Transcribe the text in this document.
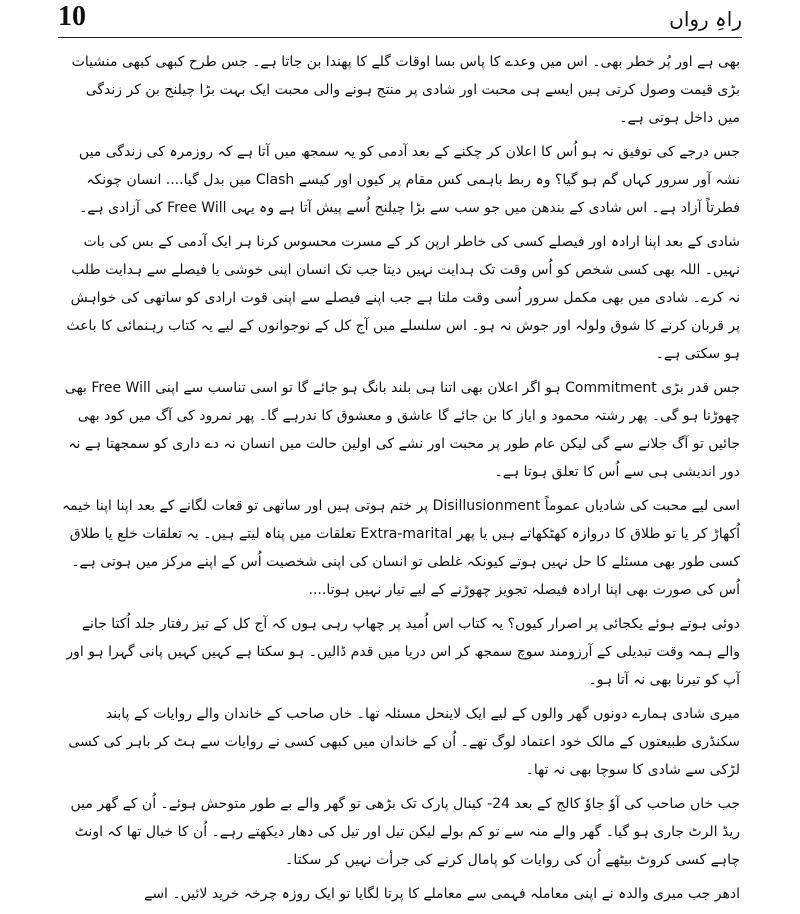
10	راہِ رواں

بھی ہے اور پُر خطر بھی۔ اس میں وعدے کا پاس بسا اوقات گلے کا پھندا بن جاتا ہے۔ جس طرح کبھی کبھی منشیات بڑی قیمت وصول کرتی ہیں ایسے ہی محبت اور شادی پر منتج ہونے والی محبت ایک بہت بڑا چیلنج بن کر زندگی میں داخل ہوتی ہے۔

جس درجے کی توفیق نہ ہو اُس کا اعلان کر چکنے کے بعد آدمی کو یہ سمجھ میں آتا ہے کہ روزمرہ کی زندگی میں نشہ آور سرور کہاں گم ہو گیا؟ وہ ربط باہمی کس مقام پر کیوں اور کیسے Clash میں بدل گیا.... انسان چونکہ فطرتاً آزاد ہے۔ اس شادی کے بندھن میں جو سب سے بڑا چیلنج اُسے پیش آتا ہے وہ یہی Free Will کی آزادی ہے۔

شادی کے بعد اپنا ارادہ اور فیصلے کسی کی خاطر ارپن کر کے مسرت محسوس کرنا ہر ایک آدمی کے بس کی بات نہیں۔ اللہ بھی کسی شخص کو اُس وقت تک ہدایت نہیں دیتا جب تک انسان اپنی خوشی یا فیصلے سے ہدایت طلب نہ کرے۔ شادی میں بھی مکمل سرور اُسی وقت ملتا ہے جب اپنے فیصلے سے اپنی قوت ارادی کو ساتھی کی خواہش پر قربان کرنے کا شوق ولولہ اور جوش نہ ہو۔ اس سلسلے میں آج کل کے نوجوانوں کے لیے یہ کتاب رہنمائی کا باعث ہو سکتی ہے۔

جس قدر بڑی Commitment ہو اگر اعلان بھی اتنا ہی بلند بانگ ہو جائے گا تو اسی تناسب سے اپنی Free Will بھی چھوڑنا ہو گی۔ پھر رشتہ محمود و ایاز کا بن جائے گا عاشق و معشوق کا ندرہے گا۔ پھر نمرود کی آگ میں کود بھی جائیں تو آگ جلانے سے گی لیکن عام طور پر محبت اور نشے کی اولین حالت میں انسان نہ دے داری کو سمجھتا ہے نہ دور اندیشی ہی سے اُس کا تعلق ہوتا ہے۔

اسی لیے محبت کی شادیاں عموماً Disillusionment پر ختم ہوتی ہیں اور ساتھی تو قعات لگانے کے بعد اپنا اپنا خیمہ اُکھاڑ کر یا تو طلاق کا دروازہ کھٹکھاتے ہیں یا پھر Extra-marital تعلقات میں پناہ لیتے ہیں۔ یہ تعلقات خلع یا طلاق کسی طور بھی مسئلے کا حل نہیں ہوتے کیونکہ غلطی تو انسان کی اپنی شخصیت اُس کے اپنے مرکز میں ہوتی ہے۔ اُس کی صورت بھی اپنا ارادہ فیصلہ تجویز چھوڑنے کے لیے تیار نہیں ہوتا....

دوئی ہوتے ہوئے یکجائی پر اصرار کیوں؟ یہ کتاب اس اُمید پر چھاپ رہی ہوں کہ آج کل کے تیز رفتار جلد اُکتا جانے والے ہمہ وقت تبدیلی کے آرزومند سوچ سمجھ کر اس دریا میں قدم ڈالیں۔ ہو سکتا ہے کہیں کہیں پانی گہرا ہو اور آپ کو تیرنا بھی نہ آتا ہو۔

میری شادی ہمارے دونوں گھر والوں کے لیے ایک لاینحل مسئلہ تھا۔ خاں صاحب کے خاندان والے روایات کے پابند سکنڈری طبیعتوں کے مالک خود اعتماد لوگ تھے۔ اُن کے خاندان میں کبھی کسی نے روایات سے ہٹ کر باہر کی کسی لڑکی سے شادی کا سوچا بھی نہ تھا۔

جب خاں صاحب کی آوٗ جاوٗ کالج کے بعد 24- کینال پارک تک بڑھی تو گھر والے بے طور متوحش ہوئے۔ اُن کے گھر میں ریڈ الرٹ جاری ہو گیا۔ گھر والے منہ سے تو کم بولے لیکن تیل اور تیل کی دھار دیکھتے رہے۔ اُن کا خیال تھا کہ اونٹ چاہے کسی کروٹ بیٹھے اُن کی روایات کو پامال کرنے کی جرأت نہیں کر سکتا۔

ادھر جب میری والدہ نے اپنی معاملہ فہمی سے معاملے کا پرتا لگایا تو ایک روزہ چرخہ خرید لائیں۔ اسے
